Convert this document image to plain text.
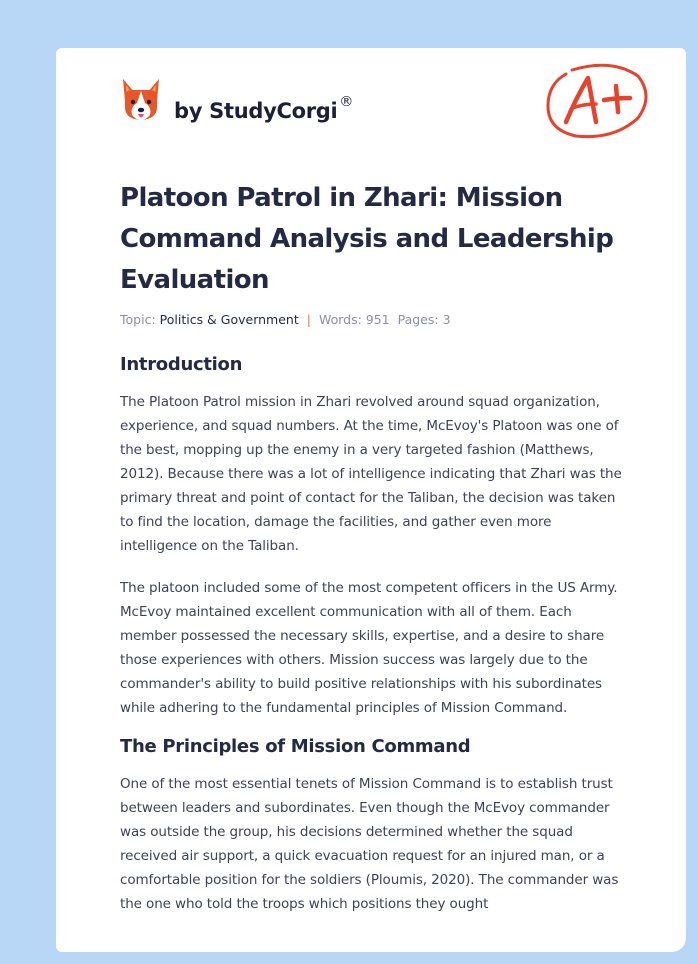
by StudyCorgi ®
Platoon Patrol in Zhari: Mission Command Analysis and Leadership Evaluation
Topic: Politics & Government | Words: 951 Pages: 3
Introduction

The Platoon Patrol mission in Zhari revolved around squad organization, experience, and squad numbers. At the time, McEvoy's Platoon was one of the best, mopping up the enemy in a very targeted fashion (Matthews, 2012). Because there was a lot of intelligence indicating that Zhari was the primary threat and point of contact for the Taliban, the decision was taken to find the location, damage the facilities, and gather even more intelligence on the Taliban.

The platoon included some of the most competent officers in the US Army. McEvoy maintained excellent communication with all of them. Each member possessed the necessary skills, expertise, and a desire to share those experiences with others. Mission success was largely due to the commander's ability to build positive relationships with his subordinates while adhering to the fundamental principles of Mission Command.

The Principles of Mission Command

One of the most essential tenets of Mission Command is to establish trust between leaders and subordinates. Even though the McEvoy commander was outside the group, his decisions determined whether the squad received air support, a quick evacuation request for an injured man, or a comfortable position for the soldiers (Ploumis, 2020). The commander was the one who told the troops which positions they ought
